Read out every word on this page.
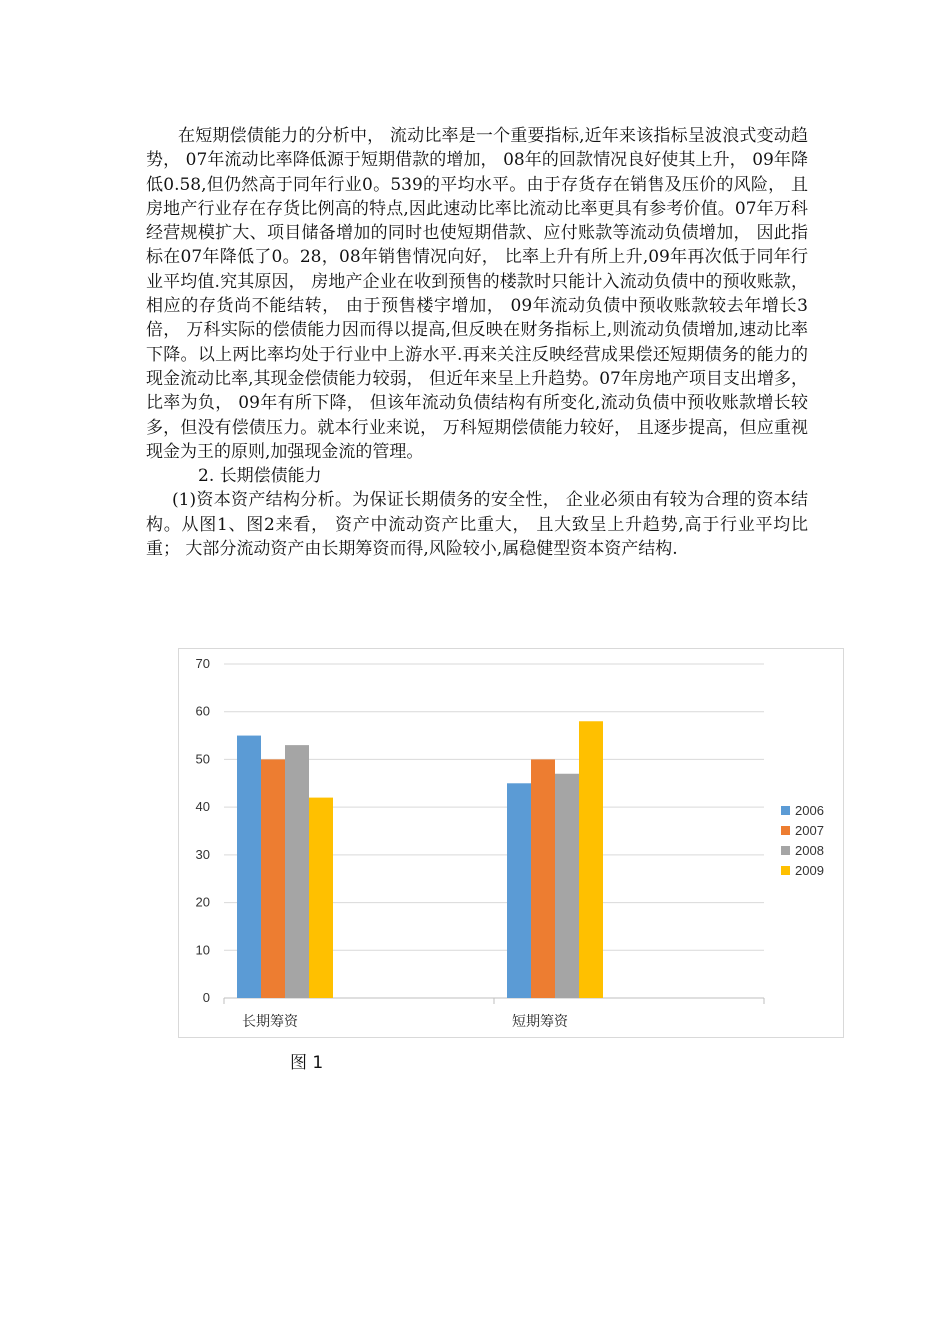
在短期偿债能力的分析中， 流动比率是一个重要指标,近年来该指标呈波浪式变动趋势， 07年流动比率降低源于短期借款的增加， 08年的回款情况良好使其上升， 09年降低0.58,但仍然高于同年行业0。539的平均水平。由于存货存在销售及压价的风险， 且房地产行业存在存货比例高的特点,因此速动比率比流动比率更具有参考价值。07年万科经营规模扩大、项目储备增加的同时也使短期借款、应付账款等流动负债增加， 因此指标在07年降低了0。28，08年销售情况向好， 比率上升有所上升,09年再次低于同年行业平均值.究其原因， 房地产企业在收到预售的楼款时只能计入流动负债中的预收账款， 相应的存货尚不能结转， 由于预售楼宇增加， 09年流动负债中预收账款较去年增长3倍， 万科实际的偿债能力因而得以提高,但反映在财务指标上,则流动负债增加,速动比率下降。以上两比率均处于行业中上游水平.再来关注反映经营成果偿还短期债务的能力的现金流动比率,其现金偿债能力较弱， 但近年来呈上升趋势。07年房地产项目支出增多， 比率为负， 09年有所下降， 但该年流动负债结构有所变化,流动负债中预收账款增长较多，但没有偿债压力。就本行业来说， 万科短期偿债能力较好， 且逐步提高，但应重视现金为王的原则,加强现金流的管理。

2. 长期偿债能力

(1)资本资产结构分析。为保证长期债务的安全性， 企业必须由有较为合理的资本结构。从图1、图2来看， 资产中流动资产比重大， 且大致呈上升趋势,高于行业平均比重； 大部分流动资产由长期筹资而得,风险较小,属稳健型资本资产结构.

0
10
20
30
40
50
60
70
长期筹资	短期筹资
2006
2007
2008
2009
图 1
